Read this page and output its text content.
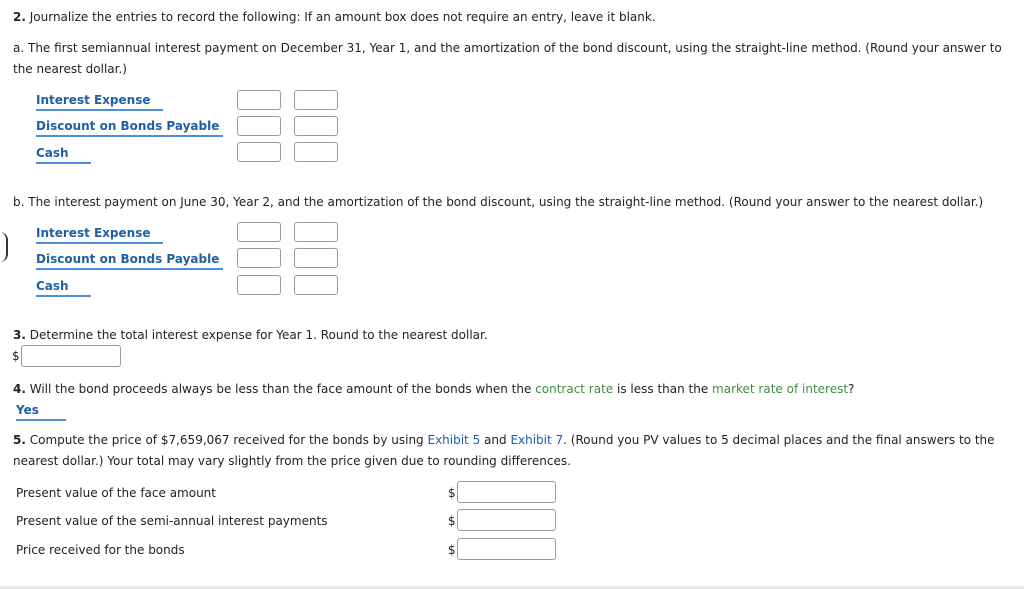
2. Journalize the entries to record the following: If an amount box does not require an entry, leave it blank.
a. The first semiannual interest payment on December 31, Year 1, and the amortization of the bond discount, using the straight-line method. (Round your answer to the nearest dollar.)
Interest Expense
Discount on Bonds Payable
Cash
b. The interest payment on June 30, Year 2, and the amortization of the bond discount, using the straight-line method. (Round your answer to the nearest dollar.)
Interest Expense
Discount on Bonds Payable
Cash
3. Determine the total interest expense for Year 1. Round to the nearest dollar.
$
4. Will the bond proceeds always be less than the face amount of the bonds when the contract rate is less than the market rate of interest?
Yes
5. Compute the price of $7,659,067 received for the bonds by using Exhibit 5 and Exhibit 7. (Round you PV values to 5 decimal places and the final answers to the nearest dollar.) Your total may vary slightly from the price given due to rounding differences.
Present value of the face amount	$
Present value of the semi-annual interest payments	$
Price received for the bonds	$
